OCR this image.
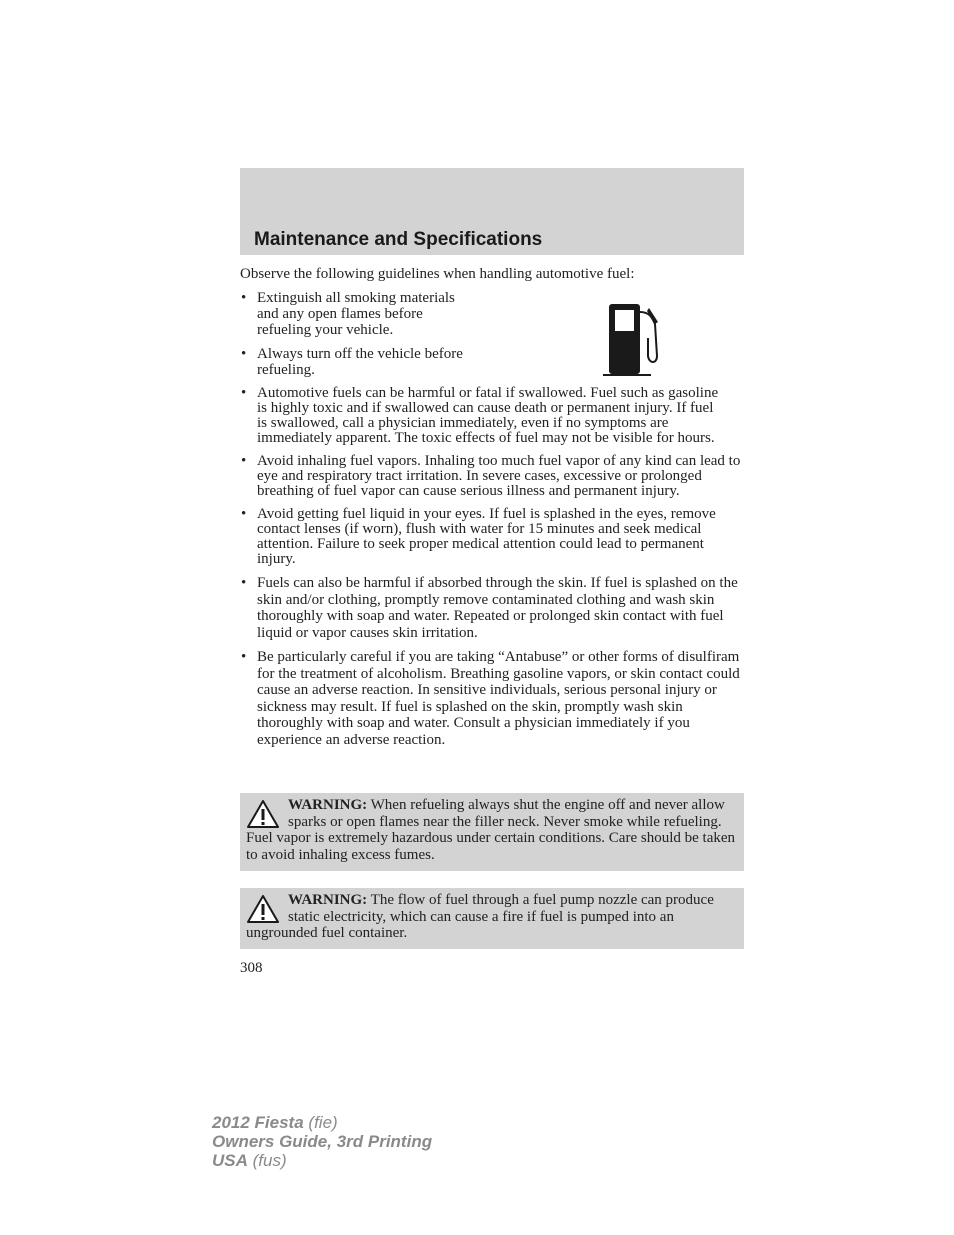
Maintenance and Specifications

Observe the following guidelines when handling automotive fuel:

• Extinguish all smoking materials
and any open flames before
refueling your vehicle.
• Always turn off the vehicle before
refueling.
• Automotive fuels can be harmful or fatal if swallowed. Fuel such as gasoline is highly toxic and if swallowed can cause death or permanent injury. If fuel is swallowed, call a physician immediately, even if no symptoms are immediately apparent. The toxic effects of fuel may not be visible for hours.
• Avoid inhaling fuel vapors. Inhaling too much fuel vapor of any kind can lead to eye and respiratory tract irritation. In severe cases, excessive or prolonged breathing of fuel vapor can cause serious illness and permanent injury.
• Avoid getting fuel liquid in your eyes. If fuel is splashed in the eyes, remove contact lenses (if worn), flush with water for 15 minutes and seek medical attention. Failure to seek proper medical attention could lead to permanent injury.
• Fuels can also be harmful if absorbed through the skin. If fuel is splashed on the skin and/or clothing, promptly remove contaminated clothing and wash skin thoroughly with soap and water. Repeated or prolonged skin contact with fuel liquid or vapor causes skin irritation.
• Be particularly careful if you are taking “Antabuse” or other forms of disulfiram for the treatment of alcoholism. Breathing gasoline vapors, or skin contact could cause an adverse reaction. In sensitive individuals, serious personal injury or sickness may result. If fuel is splashed on the skin, promptly wash skin thoroughly with soap and water. Consult a physician immediately if you experience an adverse reaction.
WARNING: When refueling always shut the engine off and never allow sparks or open flames near the filler neck. Never smoke while refueling. Fuel vapor is extremely hazardous under certain conditions. Care should be taken to avoid inhaling excess fumes.
WARNING: The flow of fuel through a fuel pump nozzle can produce static electricity, which can cause a fire if fuel is pumped into an ungrounded fuel container.
308
2012 Fiesta (fie)
Owners Guide, 3rd Printing
USA (fus)
